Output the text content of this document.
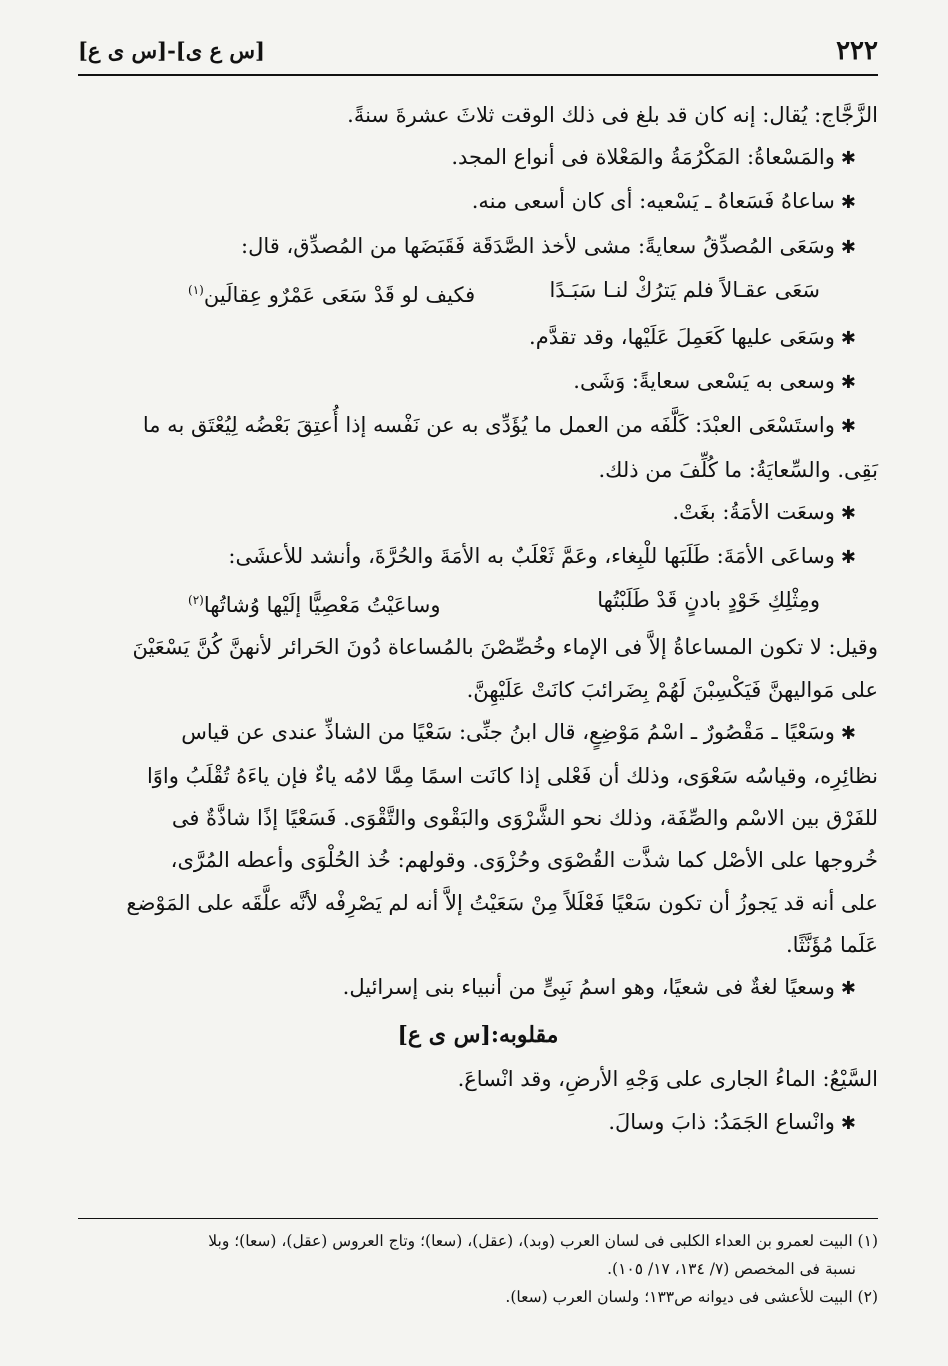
٢٢٢
[س ع ى]-[س ى ع]

الزَّجَّاج: يُقال: إنه كان قد بلغ فى ذلك الوقت ثلاثَ عشرةَ سنةً.

✱والمَسْعاةُ: المَكْرُمَةُ والمَعْلاة فى أنواع المجد.

✱ساعاهُ فَسَعاهُ ـ يَسْعيه: أى كان أسعى منه.

✱وسَعَى المُصدِّقُ سعايةً: مشى لأخذ الصَّدَقَة فَقَبَضَها من المُصدِّق، قال:

سَعَى عقـالاً فلم يَترُكْ لنـا سَبَـدًا
فكيف لو قَدْ سَعَى عَمْرٌو عِقالَين$^{(١)}$

✱وسَعَى عليها كَعَمِلَ عَلَيْها، وقد تقدَّم.

✱وسعى به يَسْعى سعايةً: وَشَى.

✱واستَسْعَى العبْدَ: كَلَّفَه من العمل ما يُؤَدِّى به عن نَفْسه إذا أُعتِقَ بَعْضُه لِيُعْتَق به ما

بَقِى. والسِّعايَةُ: ما كُلِّفَ من ذلك.

✱وسعَت الأمَةُ: بغَتْ.

✱وساعَى الأمَةَ: طَلَبَها للْبِغاء، وعَمَّ ثَعْلَبٌ به الأمَةَ والحُرَّةَ، وأنشد للأعشَى:

ومِثْلِكِ خَوْدٍ بادنٍ قَدْ طَلَبْتُها
وساعَيْتُ مَعْصِيًّا إلَيْها وُشاتُها$^{(٢)}$

وقيل: لا تكون المساعاةُ إلاَّ فى الإماء وخُصِّصْنَ بالمُساعاة دُونَ الحَرائر لأنهنَّ كُنَّ يَسْعَيْنَ

على مَواليهنَّ فَيَكْسِبْنَ لَهُمْ بِضَرائبَ كانَتْ عَلَيْهِنَّ.

✱وسَعْيًا ـ مَقْصُورٌ ـ اسْمُ مَوْضِعٍ، قال ابنُ جنِّى: سَعْيًا من الشاذِّ عندى عن قياس

نظائِرِه، وقياسُه سَعْوَى، وذلك أن فَعْلى إذا كانَت اسمًا مِمَّا لامُه ياءٌ فإن ياءَهُ تُقْلَبُ واوًا

للفَرْق بين الاسْم والصِّفَة، وذلك نحو الشَّرْوَى والبَقْوى والتَّقْوَى. فَسَعْيًا إذًا شاذَّةٌ فى

خُروجها على الأصْل كما شذَّت القُصْوَى وحُزْوَى. وقولهم: خُذ الحُلْوَى وأعطه المُرَّى،

على أنه قد يَجوزُ أن تكون سَعْيًا فَعْلَلاً مِنْ سَعَيْتُ إلاَّ أنه لم يَصْرِفْه لأنَّه علَّقَه على المَوْضع

عَلَما مُؤَنَّثًا.

✱وسعيًا لغةٌ فى شعيًا، وهو اسمُ نَبِىٍّ من أنبياء بنى إسرائيل.

مقلوبه:[س ى ع]

السَّيْعُ: الماءُ الجارى على وَجْهِ الأرضِ، وقد انْساعَ.

✱وانْساع الجَمَدُ: ذابَ وسالَ.

(١) البيت لعمرو بن العداء الكلبى فى لسان العرب (وبد)، (عقل)، (سعا)؛ وتاج العروس (عقل)، (سعا)؛ وبلا

نسبة فى المخصص (٧/ ١٣٤، ١٧/ ١٠٥).

(٢) البيت للأعشى فى ديوانه ص١٣٣؛ ولسان العرب (سعا).
